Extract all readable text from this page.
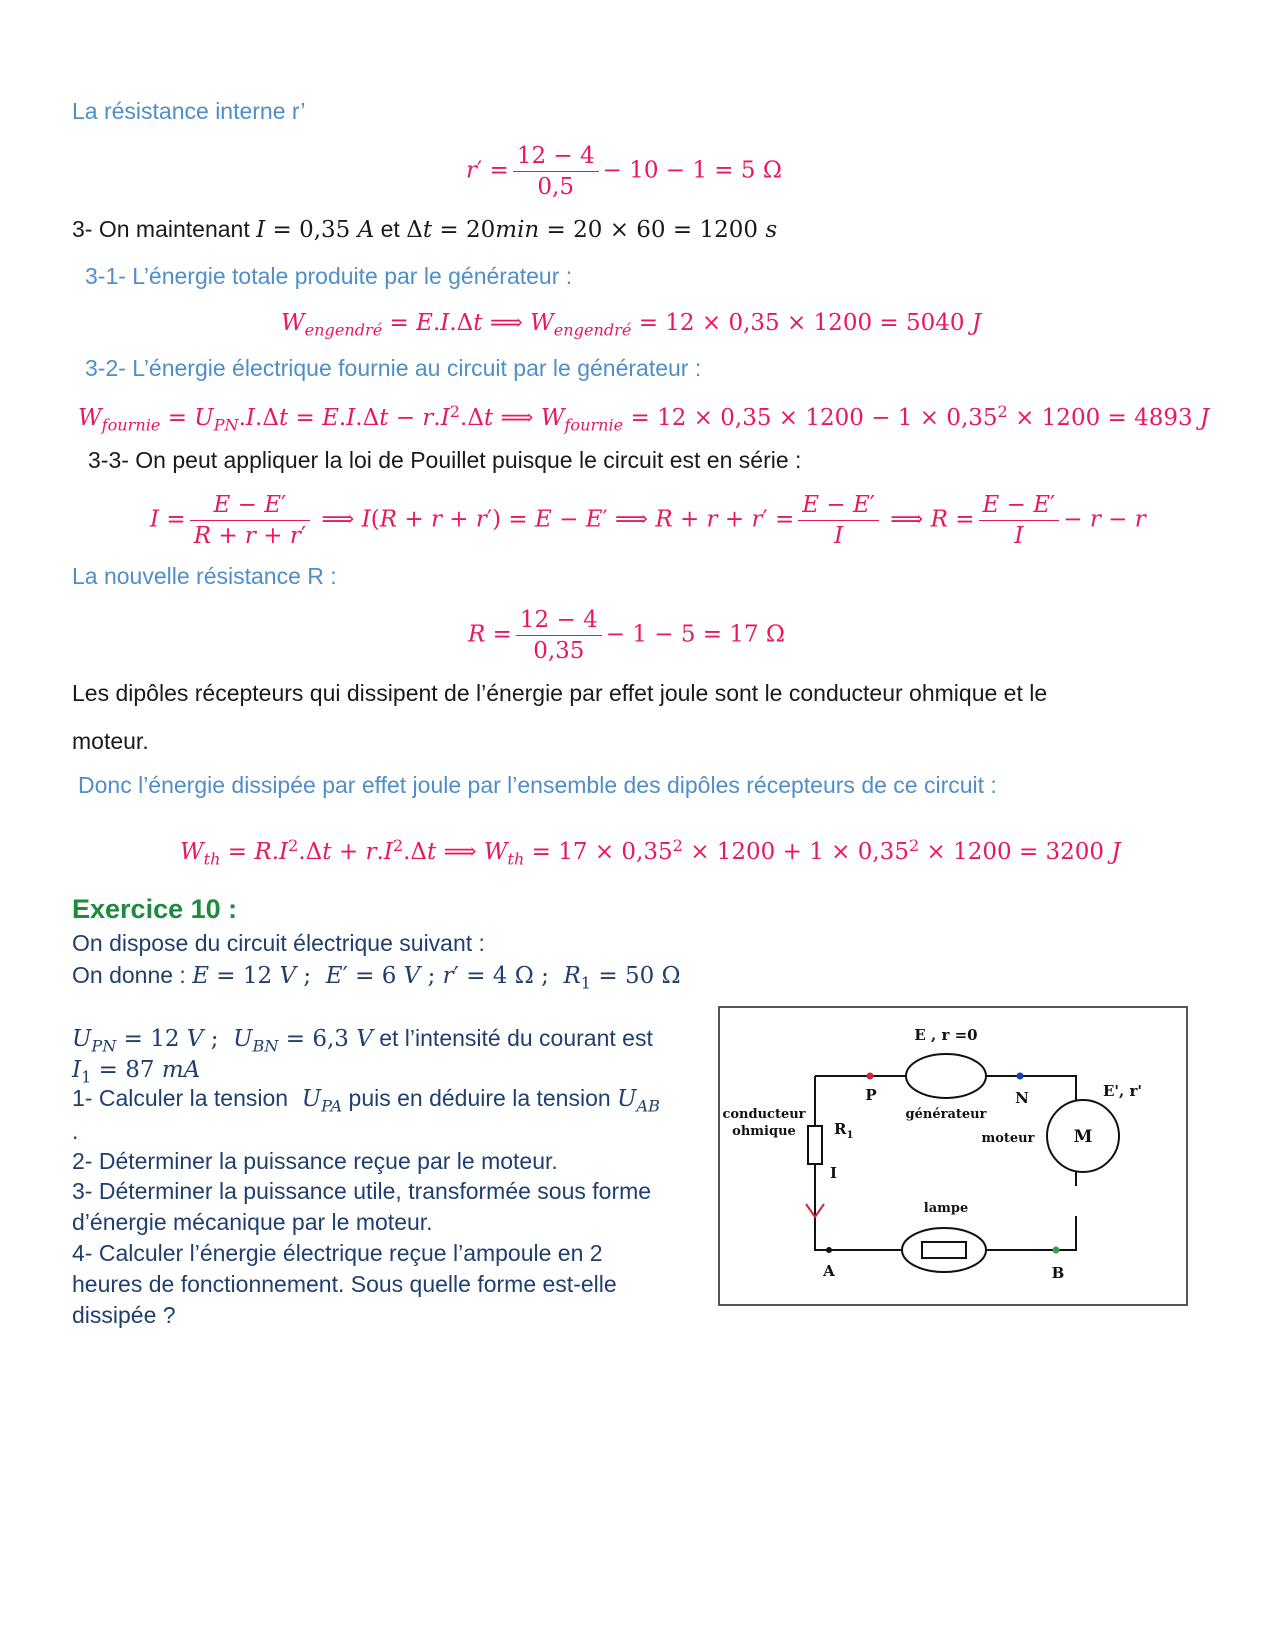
La résistance interne r’
$r' = \frac{12 - 4}{0,5} - 10 - 1 = 5$ Ω
3- On maintenant I = 0,35 A et Δt = 20min = 20 × 60 = 1200 s
3-1- L’énergie totale produite par le générateur :
$W_{engendré} = E.I.\Delta t$ ⟹ $W_{engendré} = 12 \times 0,35 \times 1200 = 5040$ J
3-2- L’énergie électrique fournie au circuit par le générateur :
$W_{fournie} = U_{PN}.I.\Delta t = E.I.\Delta t - r.I^2.\Delta t$ ⟹ $W_{fournie} = 12 \times 0,35 \times 1200 - 1 \times 0,35^2 \times 1200 = 4893$ J
3-3- On peut appliquer la loi de Pouillet puisque le circuit est en série :
$I = \frac{E - E'}{R + r + r'}$ ⟹ I(R + r + r′) = E − E′ ⟹ $R + r + r' = \frac{E - E'}{I}$ ⟹ $R = \frac{E - E'}{I} - r - r$
La nouvelle résistance R :
$R = \frac{12 - 4}{0,35} - 1 - 5 = 17$ Ω
Les dipôles récepteurs qui dissipent de l’énergie par effet joule sont le conducteur ohmique et le
moteur.
Donc l’énergie dissipée par effet joule par l’ensemble des dipôles récepteurs de ce circuit :
$W_{th} = R.I^2.\Delta t + r.I^2.\Delta t$ ⟹ $W_{th} = 17 \times 0,35^2 \times 1200 + 1 \times 0,35^2 \times 1200 = 3200$ J
Exercice 10 :
On dispose du circuit électrique suivant :
On donne : E = 12 V ;  E′ = 6 V ; r′ = 4 Ω ;  $R_1 = 50$ Ω
$U_{PN} = 12$ V ;  $U_{BN} = 6,3$ V et l’intensité du courant est
$I_1 = 87$ mA
1- Calculer la tension $U_{PA}$ puis en déduire la tension $U_{AB}$
.
2- Déterminer la puissance reçue par le moteur.
3- Déterminer la puissance utile, transformée sous forme
d’énergie mécanique par le moteur.
4- Calculer l’énergie électrique reçue l’ampoule en 2
heures de fonctionnement. Sous quelle forme est-elle
dissipée ?
E , r =0
générateur
P	N
M
E', r'
moteur
conducteur
ohmique	$R_1$
I
lampe
A	B
